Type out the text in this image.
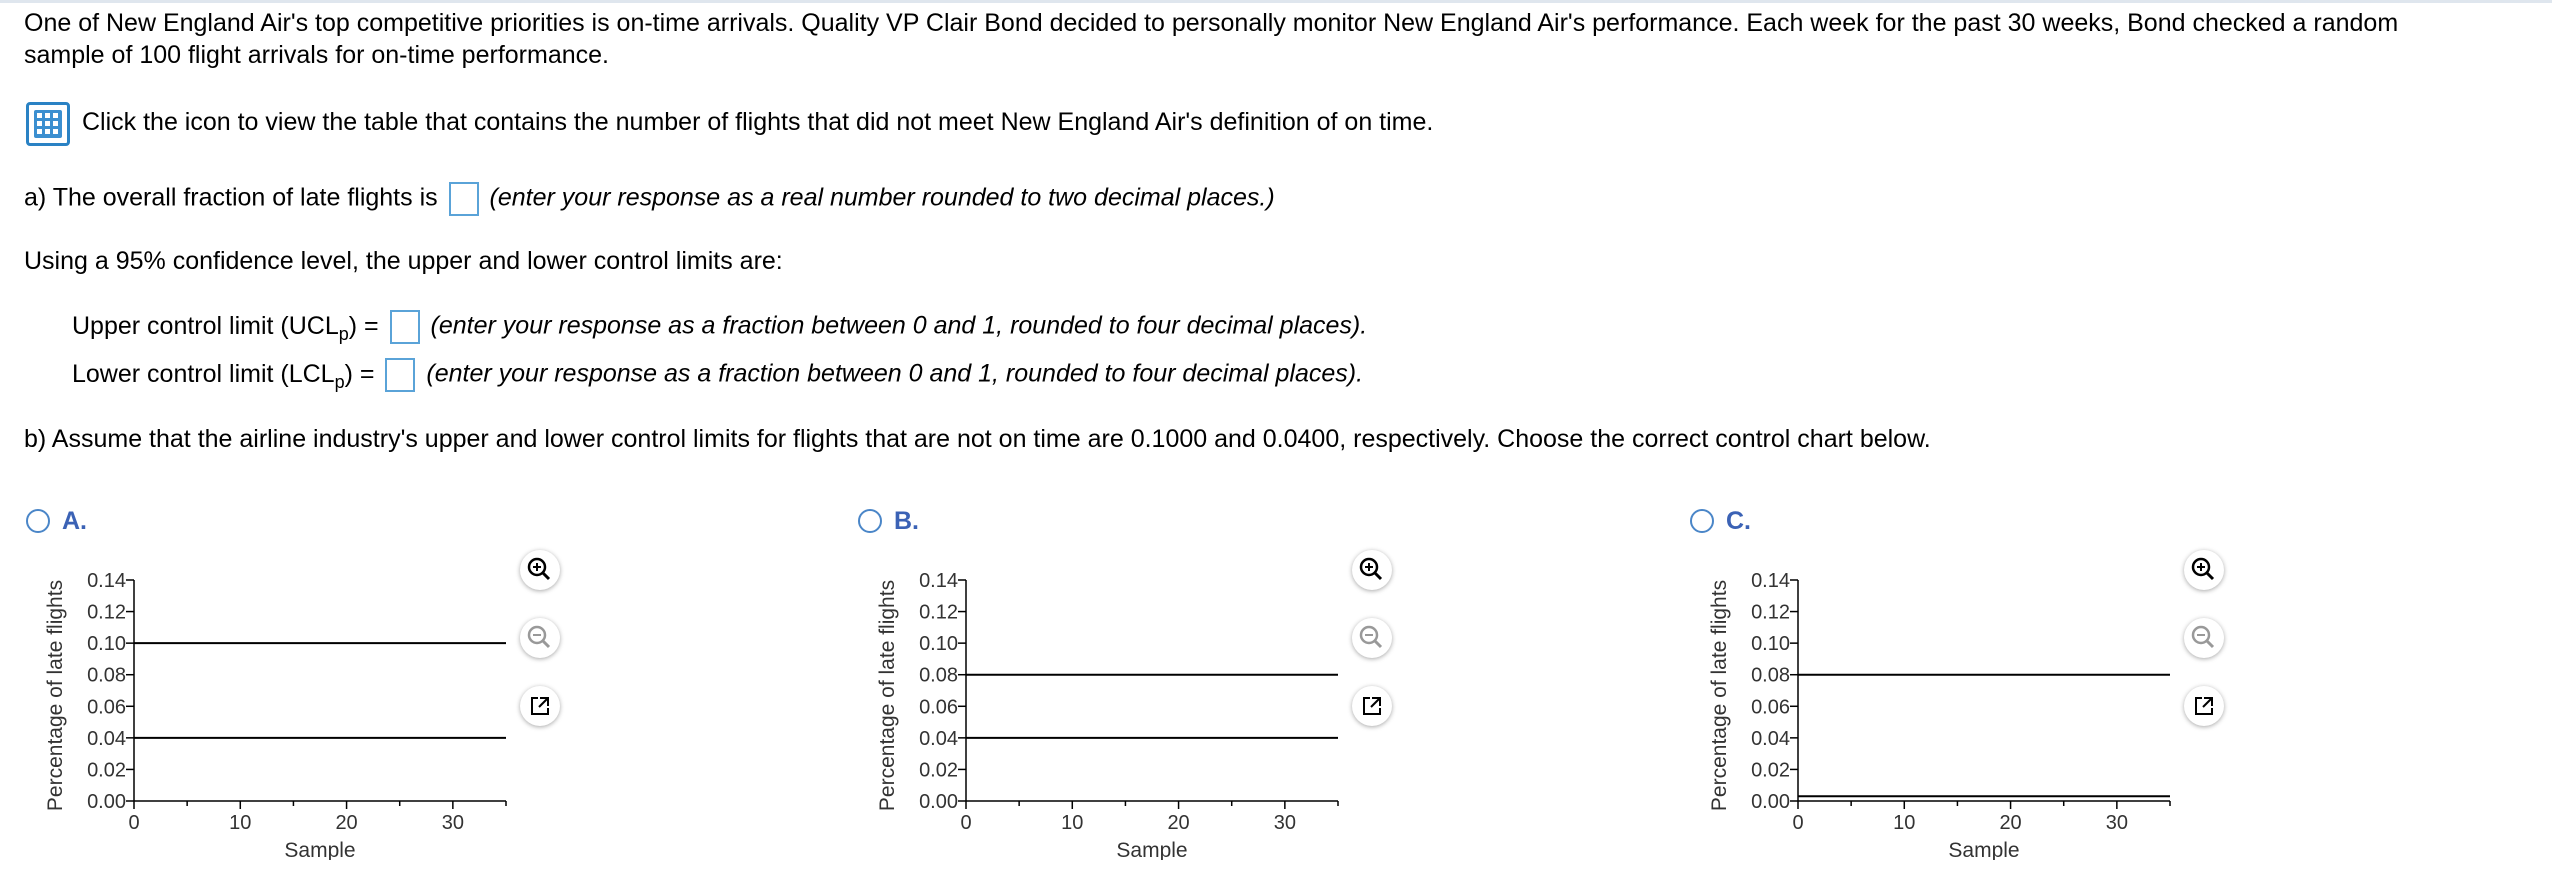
One of New England Air's top competitive priorities is on-time arrivals. Quality VP Clair Bond decided to personally monitor New England Air's performance. Each week for the past 30 weeks, Bond checked a random
sample of 100 flight arrivals for on-time performance.
Click the icon to view the table that contains the number of flights that did not meet New England Air's definition of on time.
a) The overall fraction of late flights is (enter your response as a real number rounded to two decimal places.)
Using a 95% confidence level, the upper and lower control limits are:
Upper control limit $(UCL_p)$ = (enter your response as a fraction between 0 and 1, rounded to four decimal places).
Lower control limit $(LCL_p)$ = (enter your response as a fraction between 0 and 1, rounded to four decimal places).
b) Assume that the airline industry's upper and lower control limits for flights that are not on time are 0.1000 and 0.0400, respectively. Choose the correct control chart below.
A.	B.	C.
0.00
0.02
0.04
0.06
0.08
0.10
0.12
0.14
0	10	20	30
Sample
Percentage of late flights	0.00
0.02
0.04
0.06
0.08
0.10
0.12
0.14
0	10	20	30
Sample
Percentage of late flights	0.00
0.02
0.04
0.06
0.08
0.10
0.12
0.14
0	10	20	30
Sample
Percentage of late flights
